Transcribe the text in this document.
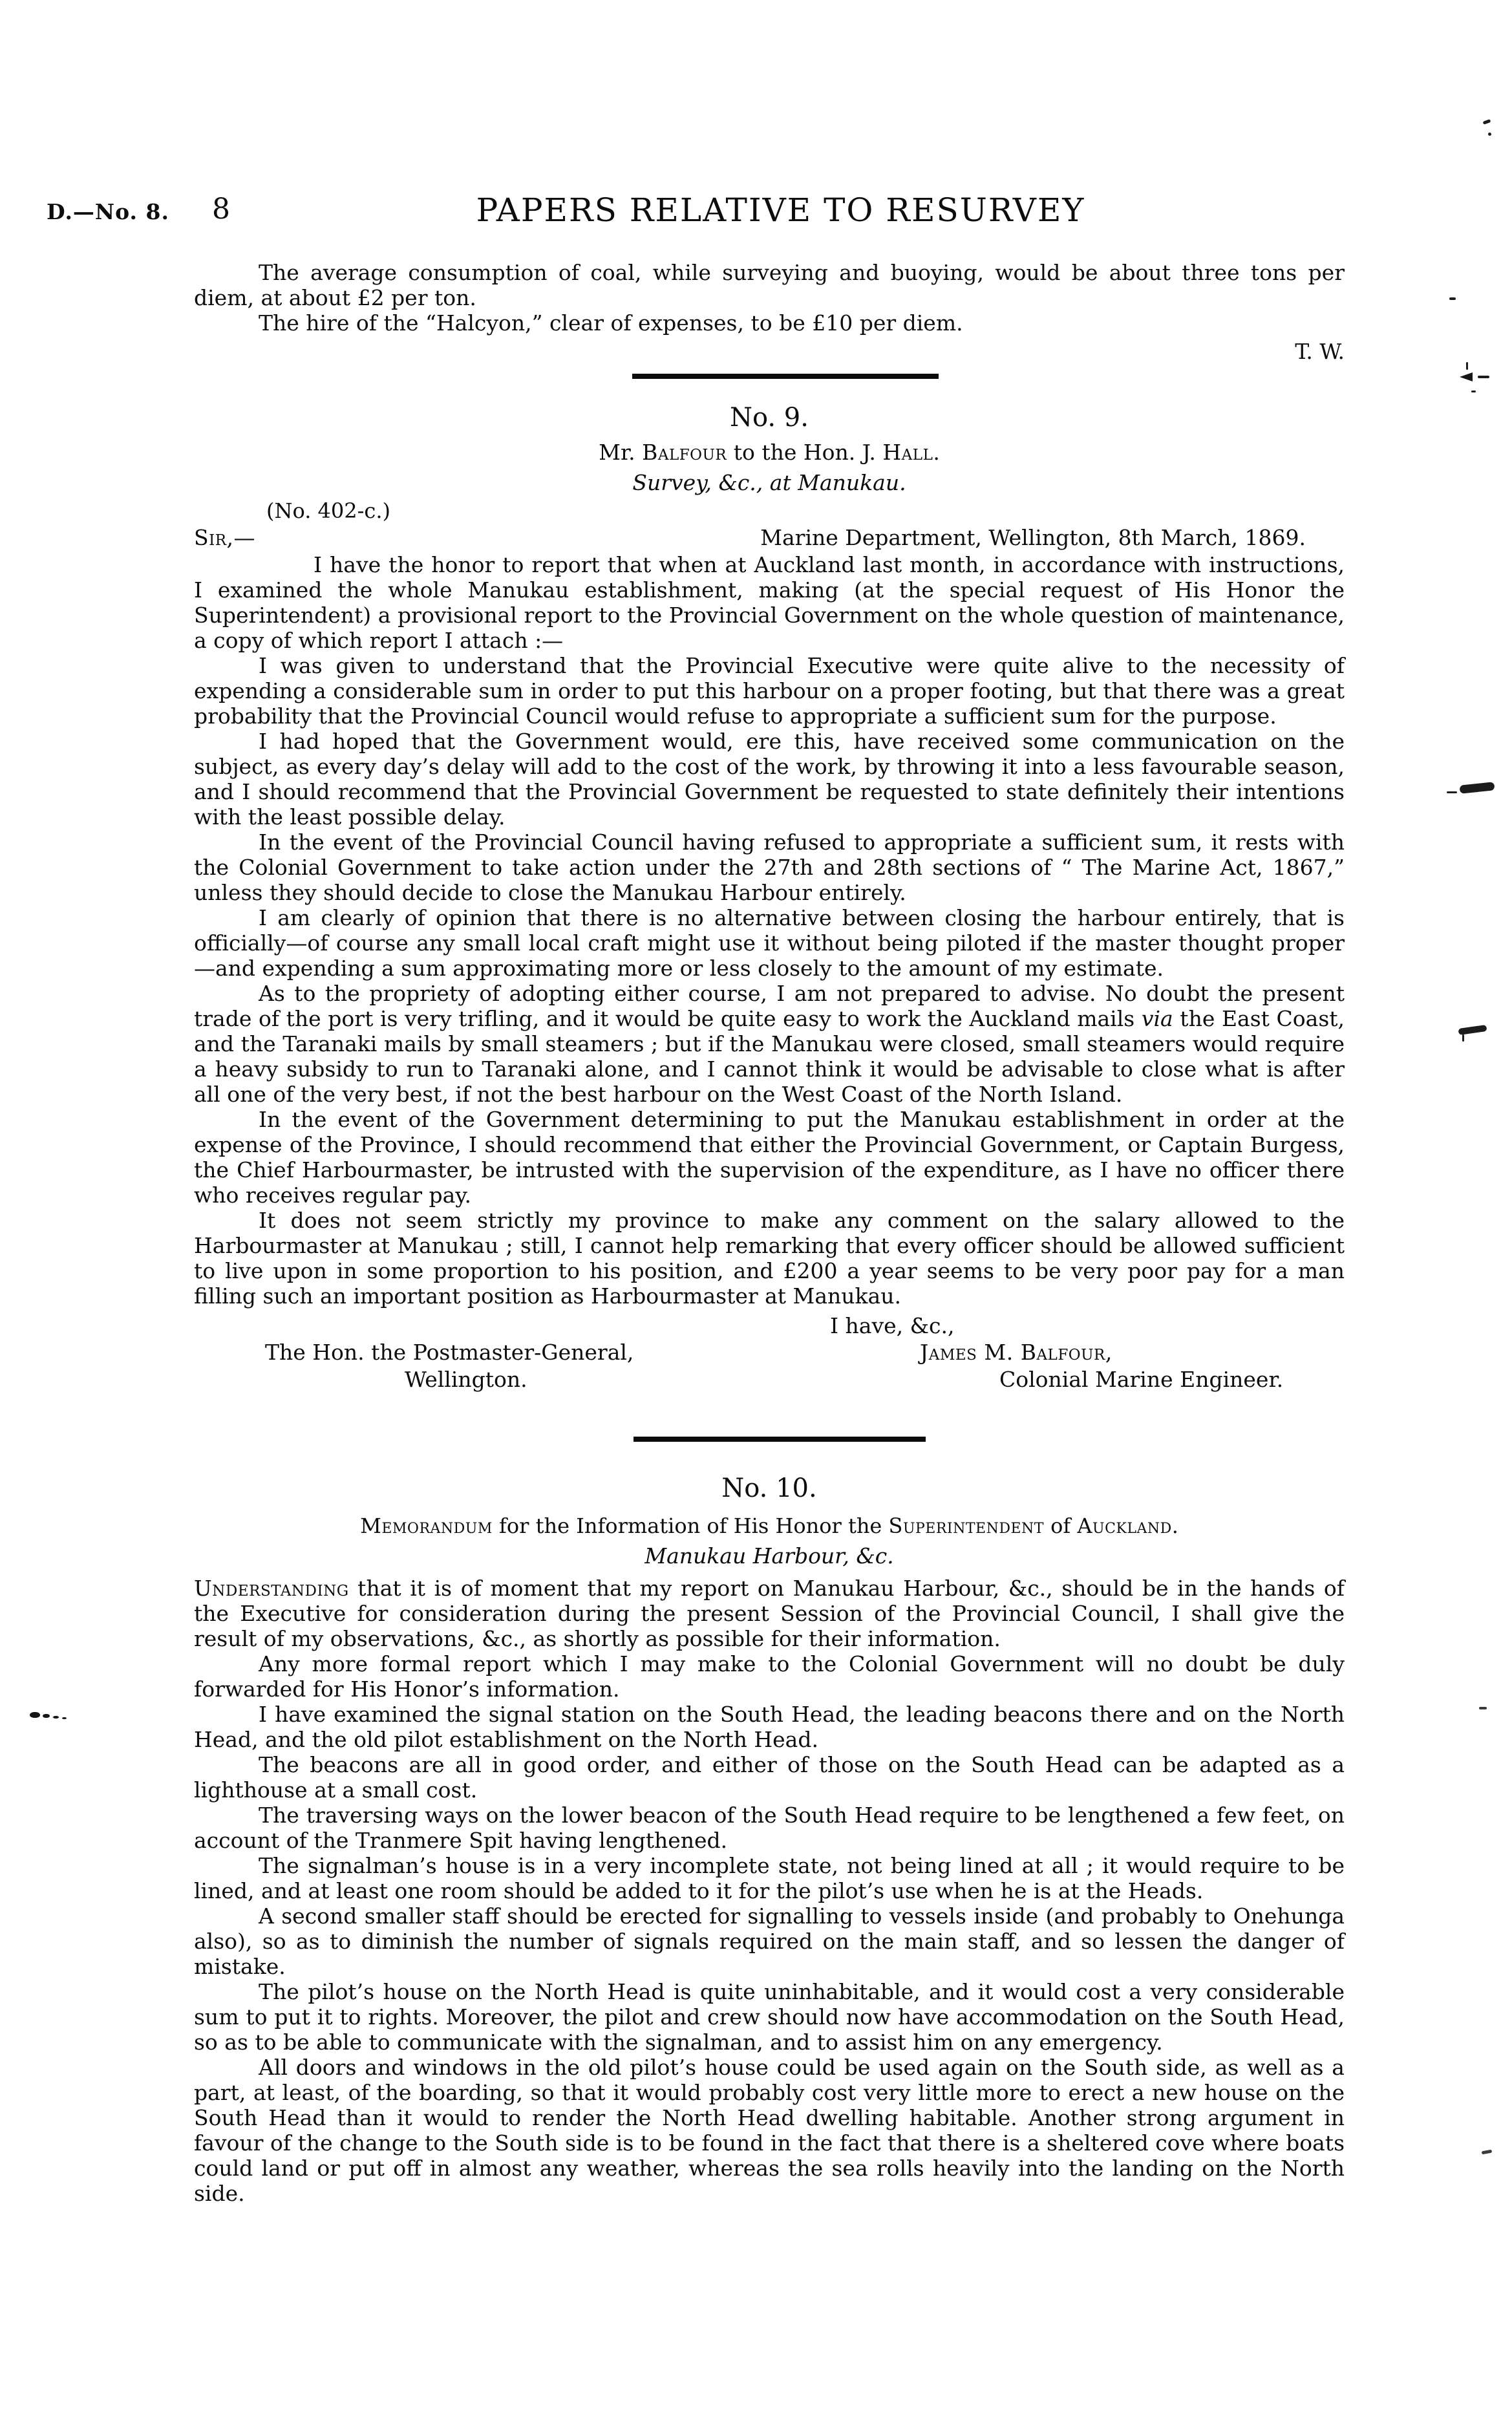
D.—No. 8. 8	PAPERS RELATIVE TO RESURVEY

The average consumption of coal, while surveying and buoying, would be about three tons per diem, at about £2 per ton.

The hire of the “Halcyon,” clear of expenses, to be £10 per diem.

T. W.
No. 9.
Mr. Balfour to the Hon. J. Hall.
Survey, &c., at Manukau.
(No. 402-c.)
Sir,—	Marine Department, Wellington, 8th March, 1869.

I have the honor to report that when at Auckland last month, in accordance with instructions, I examined the whole Manukau establishment, making (at the special request of His Honor the Superintendent) a provisional report to the Provincial Government on the whole question of maintenance, a copy of which report I attach :—

I was given to understand that the Provincial Executive were quite alive to the necessity of expending a considerable sum in order to put this harbour on a proper footing, but that there was a great probability that the Provincial Council would refuse to appropriate a sufficient sum for the purpose.

I had hoped that the Government would, ere this, have received some communication on the subject, as every day’s delay will add to the cost of the work, by throwing it into a less favourable season, and I should recommend that the Provincial Government be requested to state definitely their intentions with the least possible delay.

In the event of the Provincial Council having refused to appropriate a sufficient sum, it rests with the Colonial Government to take action under the 27th and 28th sections of “ The Marine Act, 1867,” unless they should decide to close the Manukau Harbour entirely.

I am clearly of opinion that there is no alternative between closing the harbour entirely, that is officially—of course any small local craft might use it without being piloted if the master thought proper—and expending a sum approximating more or less closely to the amount of my estimate.

As to the propriety of adopting either course, I am not prepared to advise. No doubt the present trade of the port is very trifling, and it would be quite easy to work the Auckland mails via the East Coast, and the Taranaki mails by small steamers ; but if the Manukau were closed, small steamers would require a heavy subsidy to run to Taranaki alone, and I cannot think it would be advisable to close what is after all one of the very best, if not the best harbour on the West Coast of the North Island.

In the event of the Government determining to put the Manukau establishment in order at the expense of the Province, I should recommend that either the Provincial Government, or Captain Burgess, the Chief Harbourmaster, be intrusted with the supervision of the expenditure, as I have no officer there who receives regular pay.

It does not seem strictly my province to make any comment on the salary allowed to the Harbourmaster at Manukau ; still, I cannot help remarking that every officer should be allowed sufficient to live upon in some proportion to his position, and £200 a year seems to be very poor pay for a man filling such an important position as Harbourmaster at Manukau.

I have, &c.,
The Hon. the Postmaster-General,	James M. Balfour,
Wellington.	Colonial Marine Engineer.
No. 10.
Memorandum for the Information of His Honor the Superintendent of Auckland.
Manukau Harbour, &c.

Understanding that it is of moment that my report on Manukau Harbour, &c., should be in the hands of the Executive for consideration during the present Session of the Provincial Council, I shall give the result of my observations, &c., as shortly as possible for their information.

Any more formal report which I may make to the Colonial Government will no doubt be duly forwarded for His Honor’s information.

I have examined the signal station on the South Head, the leading beacons there and on the North Head, and the old pilot establishment on the North Head.

The beacons are all in good order, and either of those on the South Head can be adapted as a lighthouse at a small cost.

The traversing ways on the lower beacon of the South Head require to be lengthened a few feet, on account of the Tranmere Spit having lengthened.

The signalman’s house is in a very incomplete state, not being lined at all ; it would require to be lined, and at least one room should be added to it for the pilot’s use when he is at the Heads.

A second smaller staff should be erected for signalling to vessels inside (and probably to Onehunga also), so as to diminish the number of signals required on the main staff, and so lessen the danger of mistake.

The pilot’s house on the North Head is quite uninhabitable, and it would cost a very considerable sum to put it to rights. Moreover, the pilot and crew should now have accommodation on the South Head, so as to be able to communicate with the signalman, and to assist him on any emergency.

All doors and windows in the old pilot’s house could be used again on the South side, as well as a part, at least, of the boarding, so that it would probably cost very little more to erect a new house on the South Head than it would to render the North Head dwelling habitable. Another strong argument in favour of the change to the South side is to be found in the fact that there is a sheltered cove where boats could land or put off in almost any weather, whereas the sea rolls heavily into the landing on the North side.
